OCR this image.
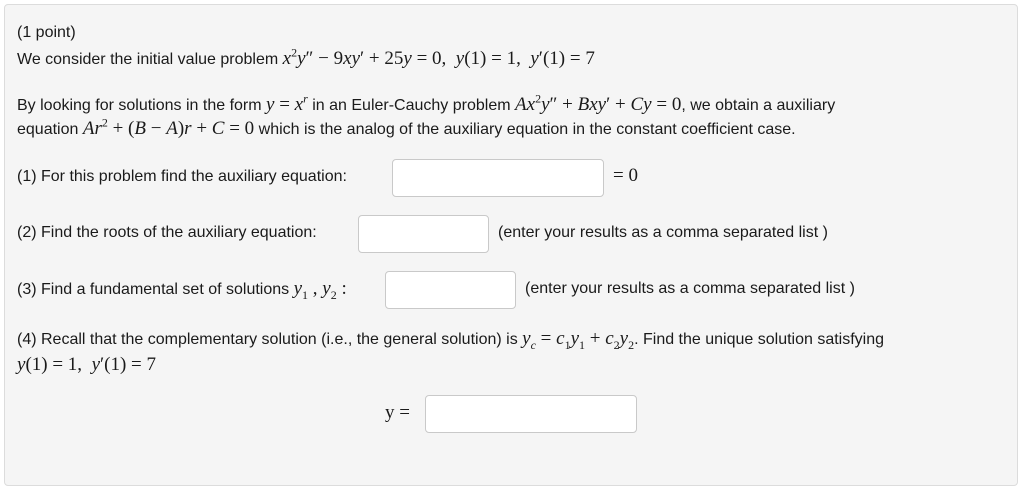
(1 point)
We consider the initial value problem $x^2y'' - 9xy' + 25y = 0$,  y(1) = 1,  y′(1) = 7
By looking for solutions in the form $y = x^r$ in an Euler-Cauchy problem $Ax^2y'' + Bxy' + Cy = 0$, we obtain a auxiliary
equation $Ar^2 + (B - A)r + C = 0$ which is the analog of the auxiliary equation in the constant coefficient case.
(1) For this problem find the auxiliary equation:	= 0
(2) Find the roots of the auxiliary equation:	(enter your results as a comma separated list )
(3) Find a fundamental set of solutions $y_1$ , $y_2$ :	(enter your results as a comma separated list )
(4) Recall that the complementary solution (i.e., the general solution) is $y_c = c_1y_1 + c_2y_2$. Find the unique solution satisfying
y(1) = 1,  y′(1) = 7
y =
